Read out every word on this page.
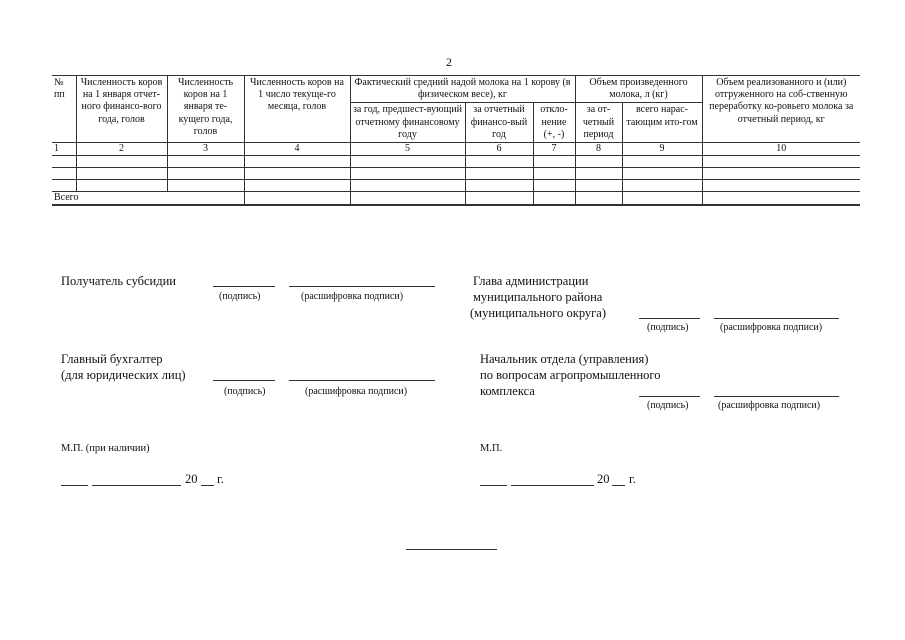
2
№ пп	Численность коров на 1 января отчет-ного финансо-вого года, голов	Численность коров на 1 января те-кущего года, голов	Численность коров на 1 число текуще-го месяца, голов	Фактический средний надой молока на 1 корову (в физическом весе), кг			Объем произведенного молока, л (кг)		Объем реализованного и (или) отгруженного на соб-ственную переработку ко-ровьего молока за отчетный период, кг
				за год, предшест-вующий отчетному финансовому году	за отчетный финансо-вый год	откло-нение (+, -)	за от-четный период	всего нарас-тающим ито-гом	
1	2	3	4	5	6	7	8	9	10

Всего									
Получатель субсидии
(подпись)	(расшифровка подписи)
Глава администрации
муниципального района
(муниципального округа)
(подпись)	(расшифровка подписи)
Главный бухгалтер
(для юридических лиц)
(подпись)	(расшифровка подписи)
Начальник отдела (управления)
по вопросам агропромышленного
комплекса
(подпись)	(расшифровка подписи)
М.П. (при наличии)	М.П.
20 г.	20 г.
